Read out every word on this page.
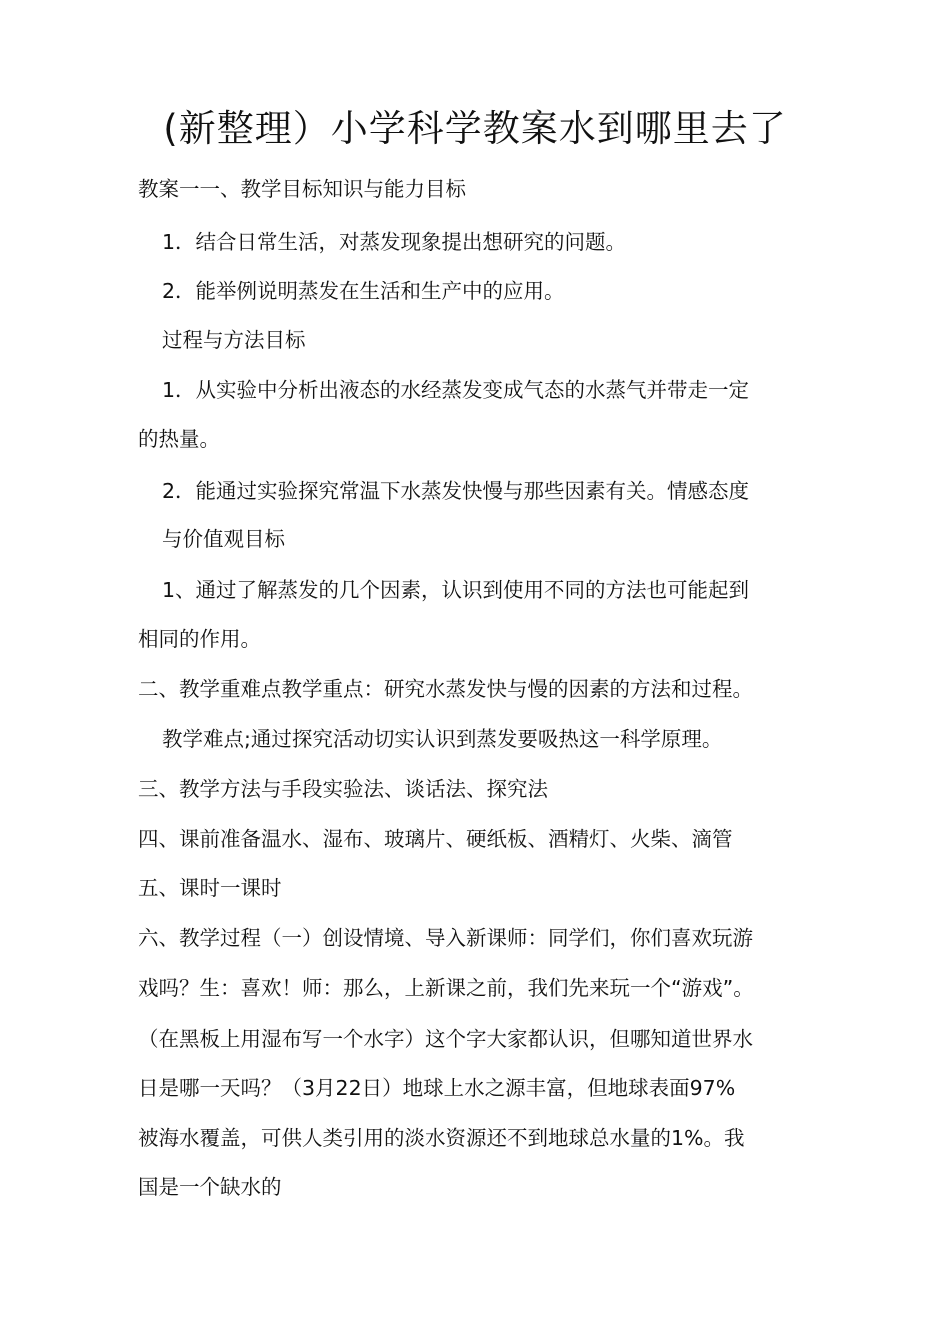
(新整理）小学科学教案水到哪里去了

教案一一、教学目标知识与能力目标

1．结合日常生活，对蒸发现象提出想研究的问题。

2．能举例说明蒸发在生活和生产中的应用。

过程与方法目标

1．从实验中分析出液态的水经蒸发变成气态的水蒸气并带走一定

的热量。

2．能通过实验探究常温下水蒸发快慢与那些因素有关。情感态度

与价值观目标

1、通过了解蒸发的几个因素，认识到使用不同的方法也可能起到

相同的作用。

二、教学重难点教学重点：研究水蒸发快与慢的因素的方法和过程。

教学难点;通过探究活动切实认识到蒸发要吸热这一科学原理。

三、教学方法与手段实验法、谈话法、探究法

四、课前准备温水、湿布、玻璃片、硬纸板、酒精灯、火柴、滴管

五、课时一课时

六、教学过程（一）创设情境、导入新课师：同学们，你们喜欢玩游

戏吗？生：喜欢！师：那么，上新课之前，我们先来玩一个“游戏”。

（在黑板上用湿布写一个水字）这个字大家都认识，但哪知道世界水

日是哪一天吗？（3月22日）地球上水之源丰富，但地球表面97%

被海水覆盖，可供人类引用的淡水资源还不到地球总水量的1%。我

国是一个缺水的
